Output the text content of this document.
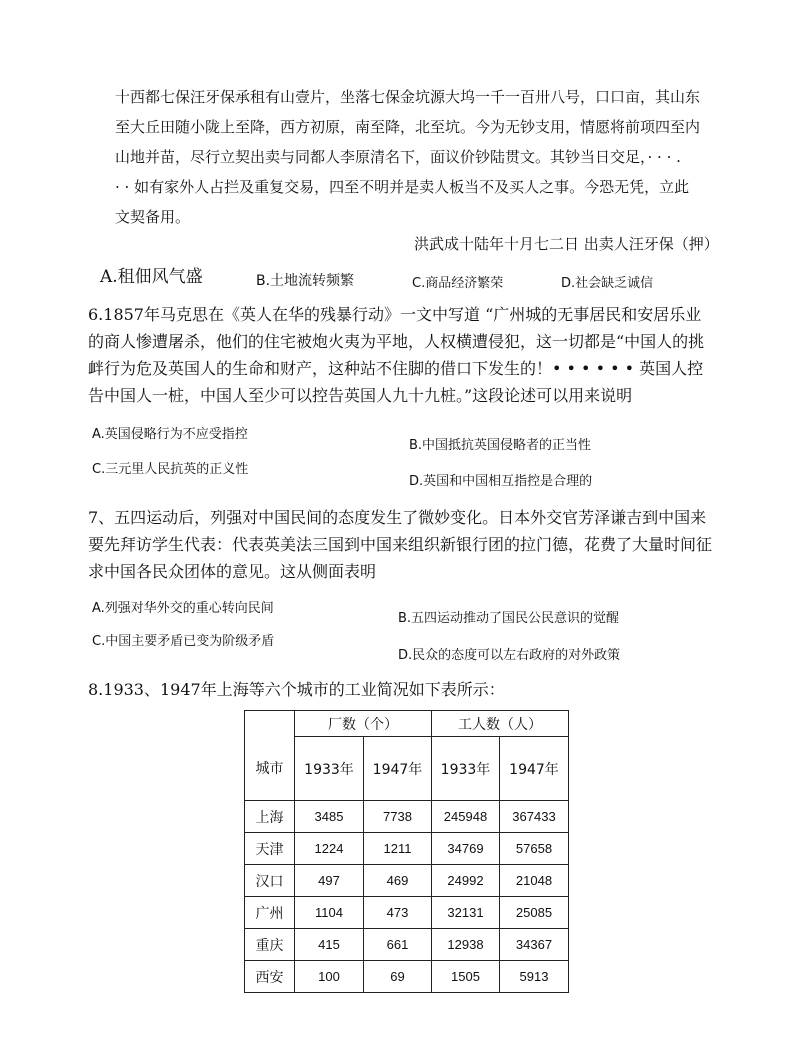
十西都七保汪牙保承租有山壹片，坐落七保金坑源大坞一千一百卅八号，口口亩，其山东
至大丘田随小陇上至降，西方初原，南至降，北至坑。今为无钞支用，情愿将前项四至内
山地并苗，尽行立契出卖与同都人李原清名下，面议价钞陆贯文。其钞当日交足，· · · .
· · 如有家外人占拦及重复交易，四至不明并是卖人板当不及买人之事。今恐无凭，立此
文契备用。
洪武成十陆年十月七二日 出卖人汪牙保（押）
A.租佃风气盛	B.土地流转频繁	C.商品经济繁荣	D.社会缺乏诚信
6.1857年马克思在《英人在华的残暴行动》一文中写道 “广州城的无事居民和安居乐业
的商人惨遭屠杀，他们的住宅被炮火夷为平地，人权横遭侵犯，这一切都是“中国人的挑
衅行为危及英国人的生命和财产，这种站不住脚的借口下发生的！• • • • • • 英国人控
告中国人一桩，中国人至少可以控告英国人九十九桩。”这段论述可以用来说明
A.英国侵略行为不应受指控
B.中国抵抗英国侵略者的正当性
C.三元里人民抗英的正义性
D.英国和中国相互指控是合理的
7、五四运动后，列强对中国民间的态度发生了微妙变化。日本外交官芳泽谦吉到中国来
要先拜访学生代表：代表英美法三国到中国来组织新银行团的拉门德，花费了大量时间征
求中国各民众团体的意见。这从侧面表明
A.列强对华外交的重心转向民间
B.五四运动推动了国民公民意识的觉醒
C.中国主要矛盾已变为阶级矛盾
D.民众的态度可以左右政府的对外政策
8.1933、1947年上海等六个城市的工业简况如下表所示：
	厂数（个）		工人数（人）	
城市	1933年	1947年	1933年	1947年
上海	3485	7738	245948	367433
天津	1224	1211	34769	57658
汉口	497	469	24992	21048
广州	1104	473	32131	25085
重庆	415	661	12938	34367
西安	100	69	1505	5913
